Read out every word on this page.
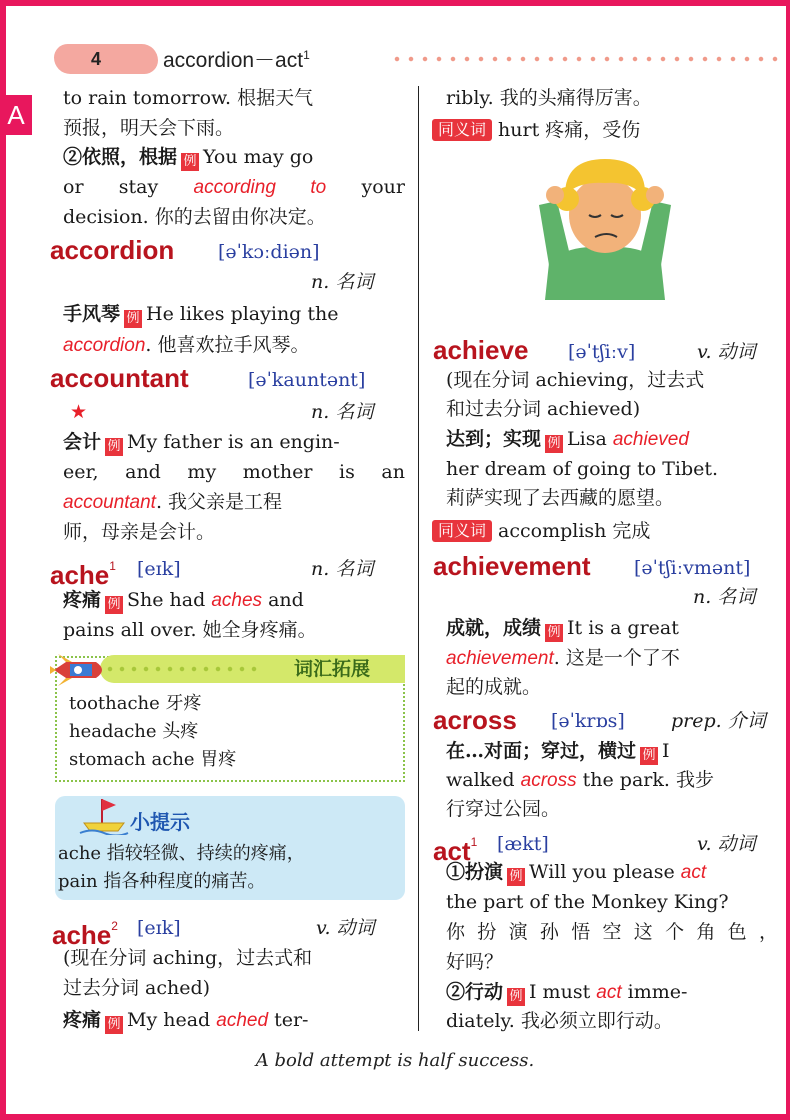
4	accordion－act$^1$
A
to rain tomorrow. 根据天气
预报，明天会下雨。
②依照，根据 例 You may go
or stay according to your
decision. 你的去留由你决定。
accordion [əˈkɔːdiən]
n. 名词
手风琴 例 He likes playing the
accordion. 他喜欢拉手风琴。
accountant	[əˈkauntənt]
★	n. 名词
会计 例 My father is an engin-
eer, and my mother is an
accountant. 我父亲是工程
师，母亲是会计。
ache$^1$ [eɪk]	n. 名词
疼痛 例 She had aches and
pains all over. 她全身疼痛。
词汇拓展
toothache 牙疼
headache 头疼
stomach ache 胃疼
小提示
ache 指较轻微、持续的疼痛，
pain 指各种程度的痛苦。
ache$^2$ [eɪk]	v. 动词
(现在分词 aching，过去式和
过去分词 ached)
疼痛 例 My head ached ter-
ribly. 我的头痛得厉害。
同义词 hurt 疼痛，受伤
achieve [əˈtʃiːv]	v. 动词
(现在分词 achieving，过去式
和过去分词 achieved)
达到；实现 例 Lisa achieved
her dream of going to Tibet.
莉萨实现了去西藏的愿望。
同义词 accomplish 完成
achievement [əˈtʃiːvmənt]
n. 名词
成就，成绩 例 It is a great
achievement. 这是一个了不
起的成就。
across [əˈkrɒs] prep. 介词
在…对面；穿过，横过 例 I
walked across the park. 我步
行穿过公园。
act$^1$ [ækt]	v. 动词
①扮演 例 Will you please act
the part of the Monkey King?
你扮演孙悟空这个角色，
好吗？
②行动 例 I must act imme-
diately. 我必须立即行动。
A bold attempt is half success.
